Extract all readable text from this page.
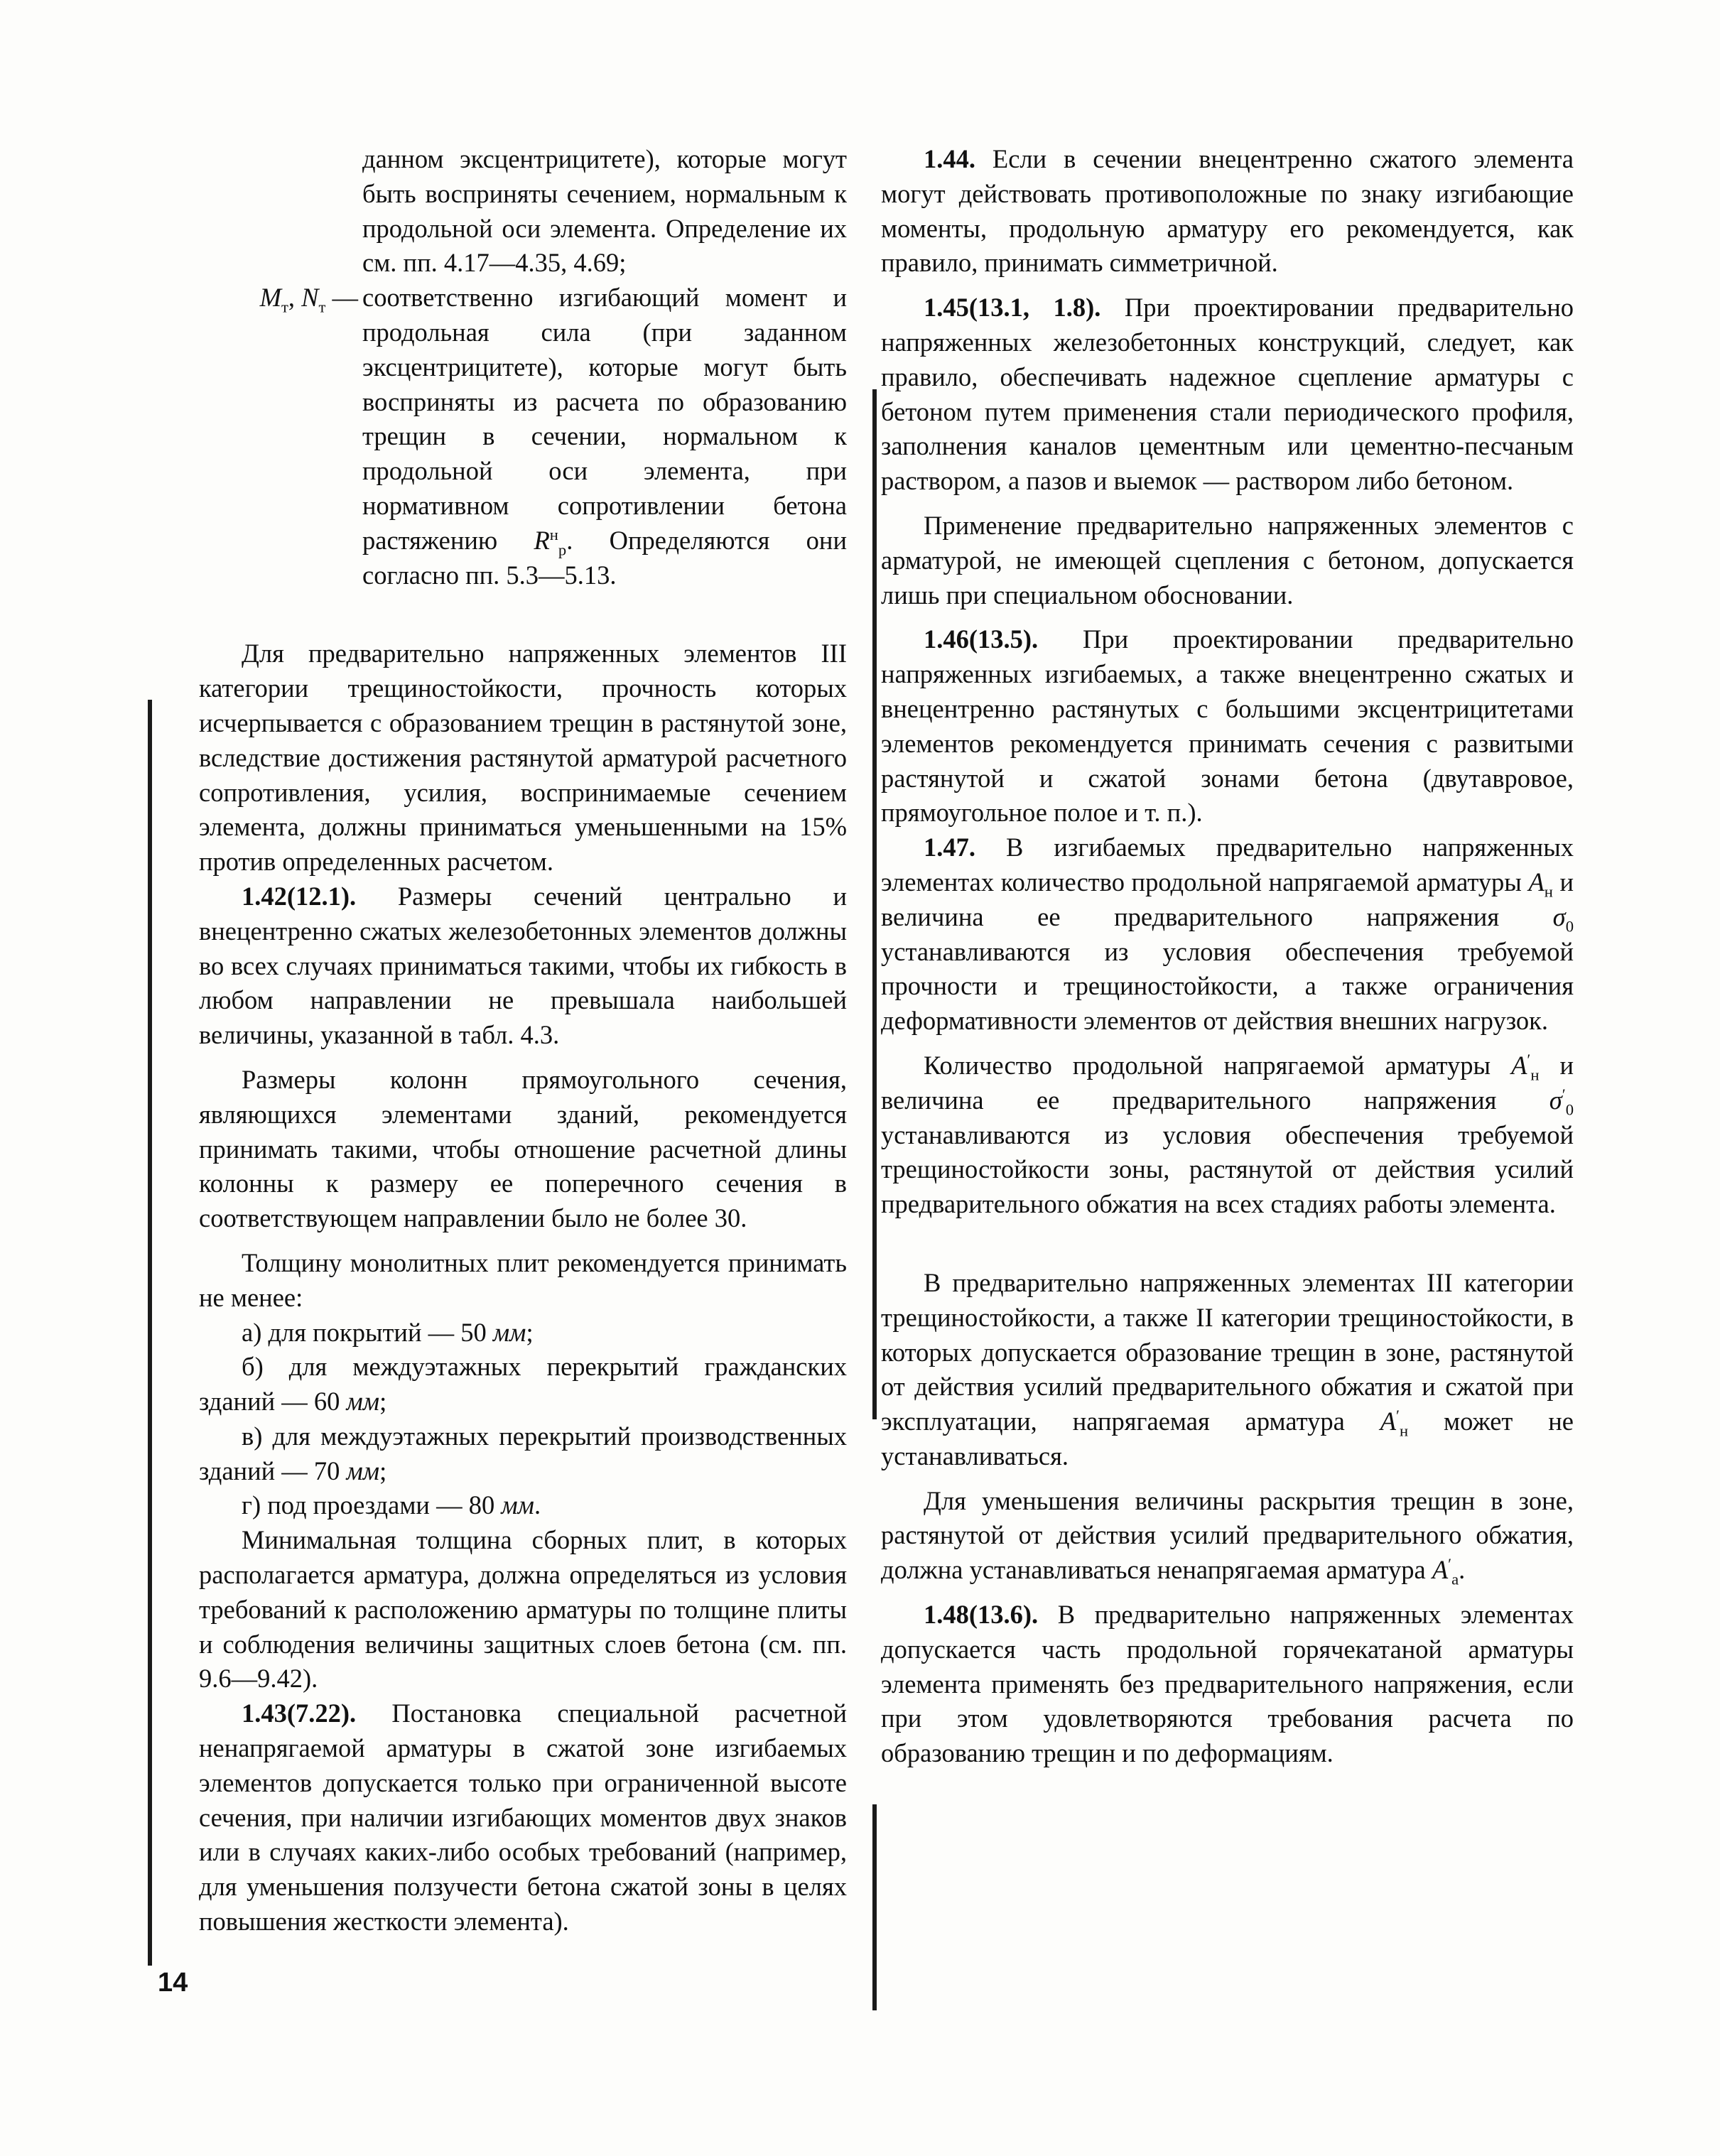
данном эксцентрицитете), которые могут быть восприняты сечением, нормальным к продольной оси элемента. Определение их см. пп. 4.17—4.35, 4.69;
$M_т$, $N_т$ — соответственно изгибающий момент и продольная сила (при заданном эксцентрицитете), которые могут быть восприняты из расчета по образованию трещин в сечении, нормальном к продольной оси элемента, при нормативном сопротивлении бетона растяжению $R^н_р$. Определяются они согласно пп. 5.3—5.13.

Для предварительно напряженных элементов III категории трещиностойкости, прочность которых исчерпывается с образованием трещин в растянутой зоне, вследствие достижения растянутой арматурой расчетного сопротивления, усилия, воспринимаемые сечением элемента, должны приниматься уменьшенными на 15% против определенных расчетом.

1.42(12.1). Размеры сечений центрально и внецентренно сжатых железобетонных элементов должны во всех случаях приниматься такими, чтобы их гибкость в любом направлении не превышала наибольшей величины, указанной в табл. 4.3.

Размеры колонн прямоугольного сечения, являющихся элементами зданий, рекомендуется принимать такими, чтобы отношение расчетной длины колонны к размеру ее поперечного сечения в соответствующем направлении было не более 30.

Толщину монолитных плит рекомендуется принимать не менее:

а) для покрытий — 50 мм;

б) для междуэтажных перекрытий гражданских зданий — 60 мм;

в) для междуэтажных перекрытий производственных зданий — 70 мм;

г) под проездами — 80 мм.

Минимальная толщина сборных плит, в которых располагается арматура, должна определяться из условия требований к расположению арматуры по толщине плиты и соблюдения величины защитных слоев бетона (см. пп. 9.6—9.42).

1.43(7.22). Постановка специальной расчетной ненапрягаемой арматуры в сжатой зоне изгибаемых элементов допускается только при ограниченной высоте сечения, при наличии изгибающих моментов двух знаков или в случаях каких-либо особых требований (например, для уменьшения ползучести бетона сжатой зоны в целях повышения жесткости элемента).

1.44. Если в сечении внецентренно сжатого элемента могут действовать противоположные по знаку изгибающие моменты, продольную арматуру его рекомендуется, как правило, принимать симметричной.

1.45(13.1, 1.8). При проектировании предварительно напряженных железобетонных конструкций, следует, как правило, обеспечивать надежное сцепление арматуры с бетоном путем применения стали периодического профиля, заполнения каналов цементным или цементно-песчаным раствором, а пазов и выемок — раствором либо бетоном.

Применение предварительно напряженных элементов с арматурой, не имеющей сцепления с бетоном, допускается лишь при специальном обосновании.

1.46(13.5). При проектировании предварительно напряженных изгибаемых, а также внецентренно сжатых и внецентренно растянутых с большими эксцентрицитетами элементов рекомендуется принимать сечения с развитыми растянутой и сжатой зонами бетона (двутавровое, прямоугольное полое и т. п.).

1.47. В изгибаемых предварительно напряженных элементах количество продольной напрягаемой арматуры $A_н$ и величина ее предварительного напряжения $\sigma_0$ устанавливаются из условия обеспечения требуемой прочности и трещиностойкости, а также ограничения деформативности элементов от действия внешних нагрузок.

Количество продольной напрягаемой арматуры $A'_н$ и величина ее предварительного напряжения $\sigma'_0$ устанавливаются из условия обеспечения требуемой трещиностойкости зоны, растянутой от действия усилий предварительного обжатия на всех стадиях работы элемента.

В предварительно напряженных элементах III категории трещиностойкости, а также II категории трещиностойкости, в которых допускается образование трещин в зоне, растянутой от действия усилий предварительного обжатия и сжатой при эксплуатации, напрягаемая арматура $A'_н$ может не устанавливаться.

Для уменьшения величины раскрытия трещин в зоне, растянутой от действия усилий предварительного обжатия, должна устанавливаться ненапрягаемая арматура $A'_а$.

1.48(13.6). В предварительно напряженных элементах допускается часть продольной горячекатаной арматуры элемента применять без предварительного напряжения, если при этом удовлетворяются требования расчета по образованию трещин и по деформациям.

14
